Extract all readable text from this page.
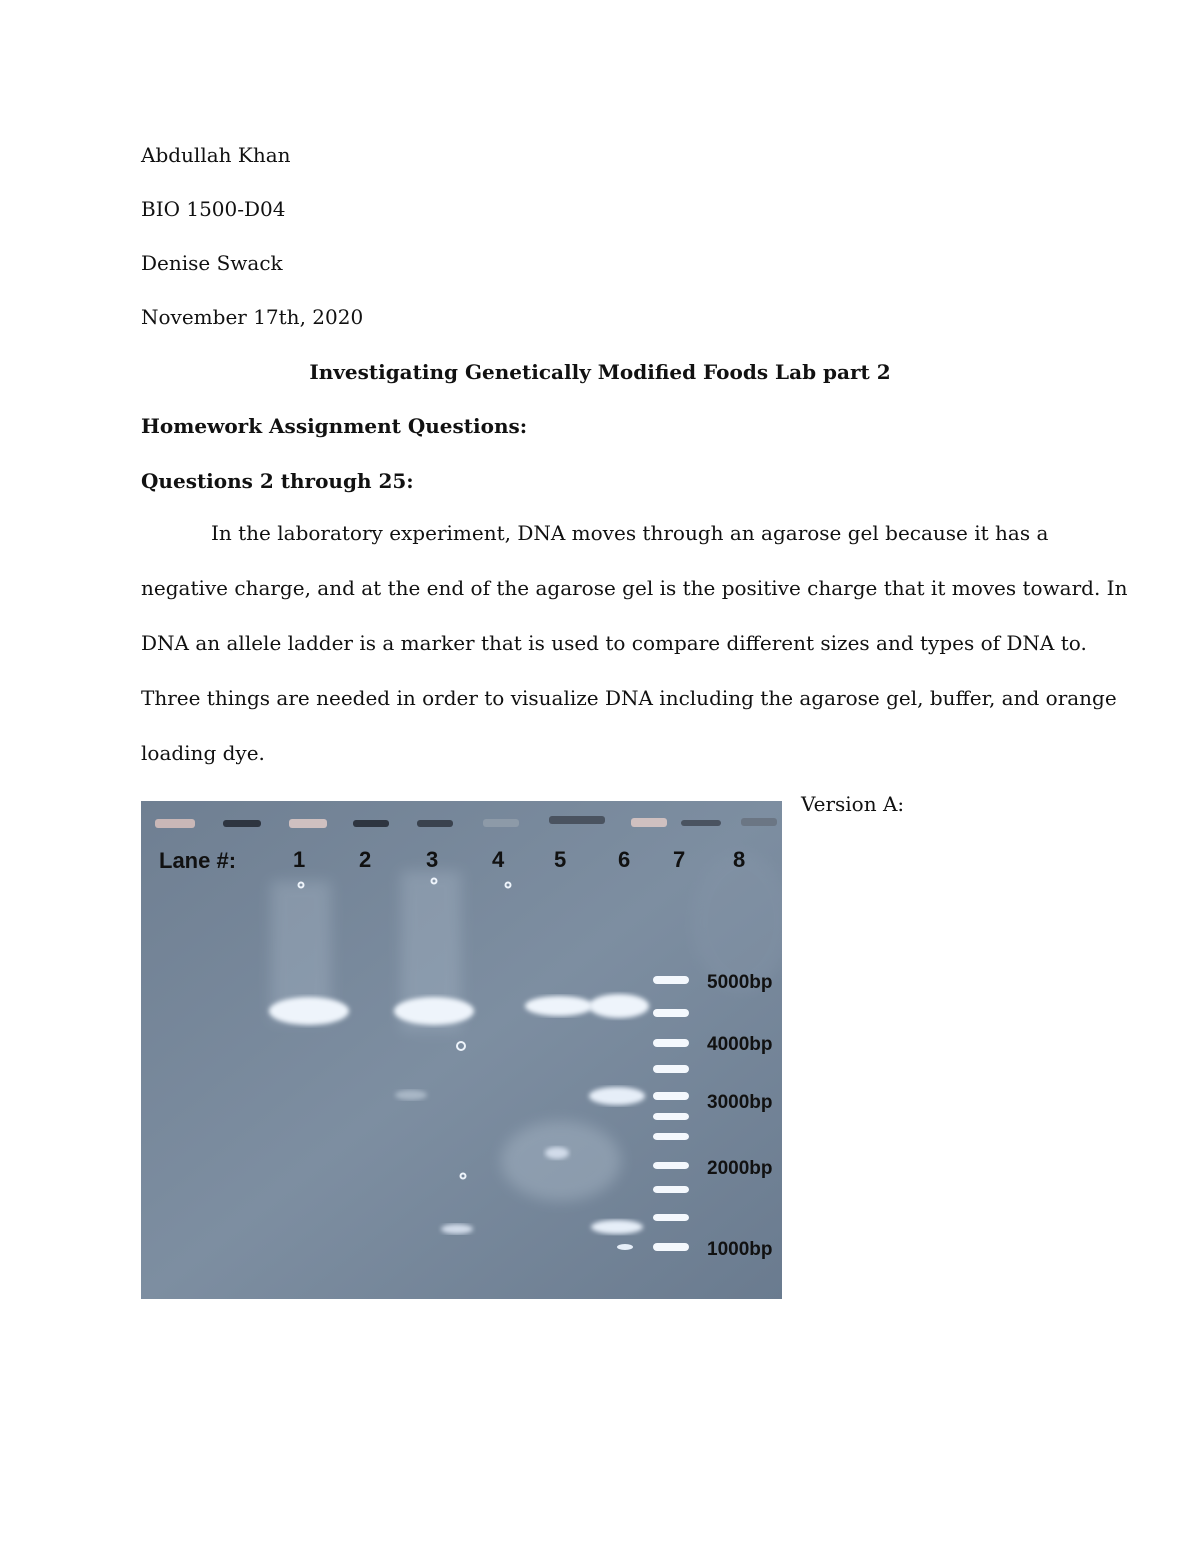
Abdullah Khan
BIO 1500-D04
Denise Swack
November 17th, 2020
Investigating Genetically Modified Foods Lab part 2
Homework Assignment Questions:
Questions 2 through 25:
In the laboratory experiment, DNA moves through an agarose gel because it has a
negative charge, and at the end of the agarose gel is the positive charge that it moves toward. In
DNA an allele ladder is a marker that is used to compare different sizes and types of DNA to.
Three things are needed in order to visualize DNA including the agarose gel, buffer, and orange
loading dye.
Version A:
Lane #:	1 2 3 4 5 6 7 8
5000bp
4000bp
3000bp
2000bp
1000bp
